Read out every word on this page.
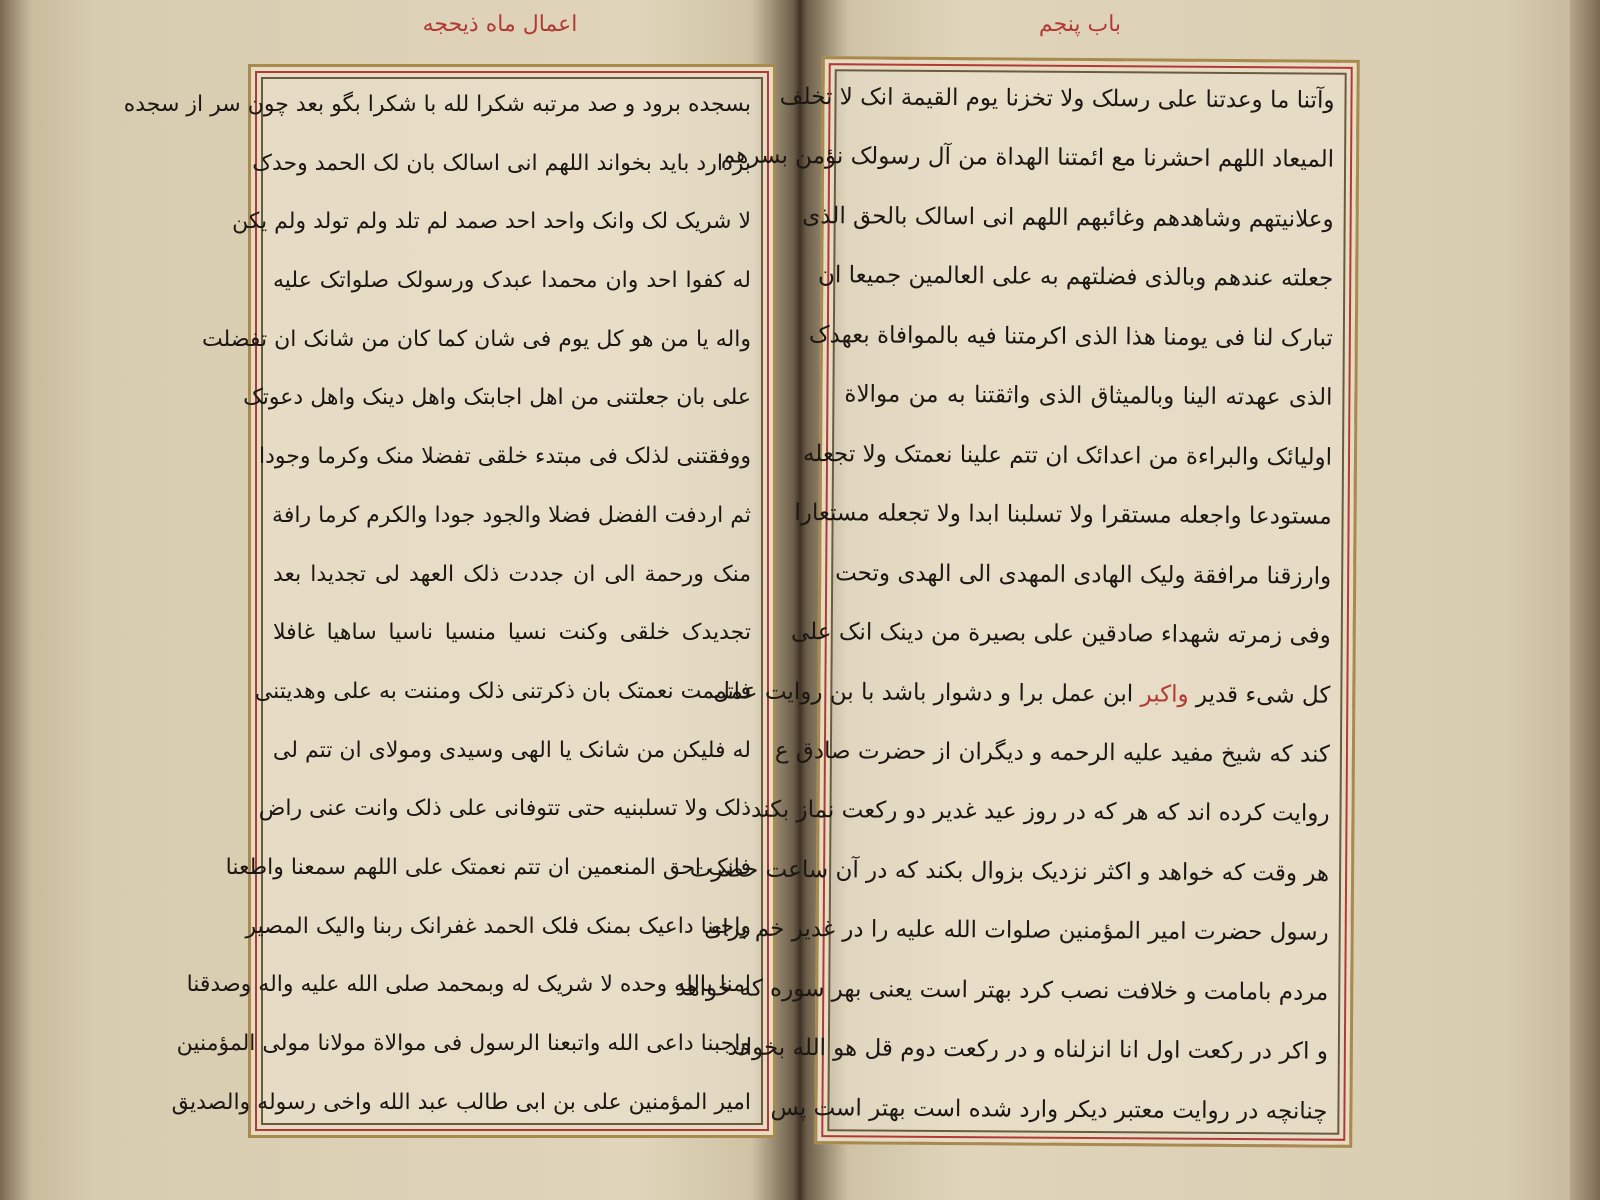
اعمال ماه ذیحجه	باب پنجم
بسجده برود و صد مرتبه شکرا لله با شکرا بگو بعد چون سر از سجده
بردارد باید بخواند اللهم انی اسالک بان لک الحمد وحدک
لا شریک لک وانک واحد احد صمد لم تلد ولم تولد ولم یکن
له کفوا احد وان محمدا عبدک ورسولک صلواتک علیه
واله یا من هو کل یوم فی شان کما کان من شانک ان تفضلت
علی بان جعلتنی من اهل اجابتک واهل دینک واهل دعوتک
ووفقتنی لذلک فی مبتدء خلقی تفضلا منک وکرما وجودا
ثم اردفت الفضل فضلا والجود جودا والکرم کرما رافة
منک ورحمة الی ان جددت ذلک العهد لی تجدیدا بعد
تجدیدک خلقی وکنت نسیا منسیا ناسیا ساهیا غافلا
فاتممت نعمتک بان ذکرتنی ذلک ومننت به علی وهدیتنی
له فلیکن من شانک یا الهی وسیدی ومولای ان تتم لی
ذلک ولا تسلبنیه حتی تتوفانی علی ذلک وانت عنی راض
فانک احق المنعمین ان تتم نعمتک علی اللهم سمعنا واطعنا
واجبنا داعیک بمنک فلک الحمد غفرانک ربنا والیک المصیر
امنا بالله وحده لا شریک له وبمحمد صلی الله علیه واله وصدقنا
واجبنا داعی الله واتبعنا الرسول فی موالاة مولانا مولی المؤمنین
امیر المؤمنین علی بن ابی طالب عبد الله واخی رسوله والصدیق
وآتنا ما وعدتنا علی رسلک ولا تخزنا یوم القیمة انک لا تخلف
المیعاد اللهم احشرنا مع ائمتنا الهداة من آل رسولک نؤمن بسرهم
وعلانیتهم وشاهدهم وغائبهم اللهم انی اسالک بالحق الذی
جعلته عندهم وبالذی فضلتهم به علی العالمین جمیعا ان
تبارک لنا فی یومنا هذا الذی اکرمتنا فیه بالموافاة بعهدک
الذی عهدته الینا وبالمیثاق الذی واثقتنا به من موالاة
اولیائک والبراءة من اعدائک ان تتم علینا نعمتک ولا تجعله
مستودعا واجعله مستقرا ولا تسلبنا ابدا ولا تجعله مستعارا
وارزقنا مرافقة ولیک الهادی المهدی الی الهدی وتحت
وفی زمرته شهداء صادقین علی بصیرة من دینک انک علی
کل شیء قدیر واکبر ابن عمل برا و دشوار باشد با بن روایت عمل
کند که شیخ مفید علیه الرحمه و دیگران از حضرت صادق ع
روایت کرده اند که هر که در روز عید غدیر دو رکعت نماز بکند
هر وقت که خواهد و اکثر نزدیک بزوال بکند که در آن ساعت حضرت
رسول حضرت امیر المؤمنین صلوات الله علیه را در غدیر خم برای
مردم بامامت و خلافت نصب کرد بهتر است یعنی بهر سوره که خواهد
و اکر در رکعت اول انا انزلناه و در رکعت دوم قل هو الله بخواند
چنانچه در روایت معتبر دیکر وارد شده است بهتر است پس
